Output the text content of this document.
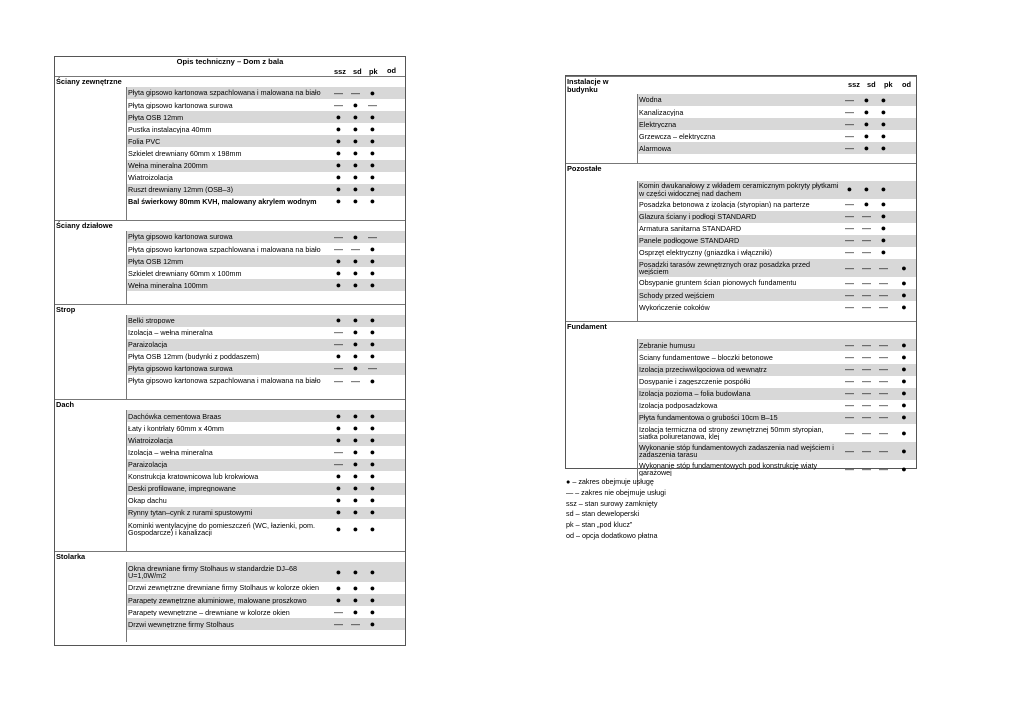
Opis techniczny – Dom z bala
ssz sd pk od
Ściany zewnętrzne
Płyta gipsowo kartonowa szpachlowana i malowana na biało	— —	●
Płyta gipsowo kartonowa surowa	—	●	—
Płyta OSB 12mm	●	●	●
Pustka instalacyjna 40mm	●	●	●
Folia PVC	●	●	●
Szkielet drewniany 60mm x 198mm	●	●	●
Wełna mineralna 200mm	●	●	●
Wiatroizolacja	●	●	●
Ruszt drewniany 12mm (OSB–3)	●	●	●
Bal świerkowy 80mm KVH, malowany akrylem wodnym	●	●	●
Ściany działowe
Płyta gipsowo kartonowa surowa	—	●	—
Płyta gipsowo kartonowa szpachlowana i malowana na biało	— —	●
Płyta OSB 12mm	●	●	●
Szkielet drewniany 60mm x 100mm	●	●	●
Wełna mineralna 100mm	●	●	●
Strop
Belki stropowe	●	●	●
Izolacja – wełna mineralna	—	●	●
Paraizolacja	—	●	●
Płyta OSB 12mm (budynki z poddaszem)	●	●	●
Płyta gipsowo kartonowa surowa	—	●	—
Płyta gipsowo kartonowa szpachlowana i malowana na biało	— —	●
Dach
Dachówka cementowa Braas	●	●	●
Łaty i kontrłaty 60mm x 40mm	●	●	●
Wiatroizolacja	●	●	●
Izolacja – wełna mineralna	—	●	●
Paraizolacja	—	●	●
Konstrukcja kratownicowa lub krokwiowa	●	●	●
Deski profilowane, impregnowane	●	●	●
Okap dachu	●	●	●
Rynny tytan–cynk z rurami spustowymi	●	●	●
Kominki wentylacyjne do pomieszczeń (WC, łazienki, pom. Gospodarcze) i kanalizacji	●	●	●
Stolarka
Okna drewniane firmy Stolhaus w standardzie DJ–68 U=1,0W/m2	●	●	●
Drzwi zewnętrzne drewniane firmy Stolhaus w kolorze okien	●	●	●
Parapety zewnętrzne aluminiowe, malowane proszkowo	●	●	●
Parapety wewnętrzne – drewniane w kolorze okien	—	●	●
Drzwi wewnętrzne firmy Stolhaus	— —	●
ssz sd pk od
Instalacje w budynku
Wodna	—	●	●
Kanalizacyjna	—	●	●
Elektryczna	—	●	●
Grzewcza – elektryczna	—	●	●
Alarmowa	—	●	●
Pozostałe
Komin dwukanałowy z wkładem ceramicznym pokryty płytkami w części widocznej nad dachem	●	●	●
Posadzka betonowa z izolacja (styropian) na parterze	—	●	●
Glazura ściany i podłogi STANDARD	— —	●
Armatura sanitarna STANDARD	— —	●
Panele podłogowe STANDARD	— —	●
Osprzęt elektryczny (gniazdka i włączniki)	— —	●
Posadzki tarasów zewnętrznych oraz posadzka przed wejściem	— — —	●
Obsypanie gruntem ścian pionowych fundamentu	— — —	●
Schody przed wejściem	— — —	●
Wykończenie cokołów	— — —	●
Fundament
Zebranie humusu	— — —	●
Ściany fundamentowe – bloczki betonowe	— — —	●
Izolacja przeciwwilgociowa od wewnątrz	— — —	●
Dosypanie i zagęszczenie pospółki	— — —	●
Izolacja pozioma – folia budowlana	— — —	●
Izolacja podposadzkowa	— — —	●
Płyta fundamentowa o grubości 10cm B–15	— — —	●
Izolacja termiczna od strony zewnętrznej 50mm styropian, siatka poliuretanowa, klej	— — —	●
Wykonanie stóp fundamentowych zadaszenia nad wejściem i zadaszenia tarasu	— — —	●
Wykonanie stóp fundamentowych pod konstrukcję wiaty garażowej	— — —	●
● – zakres obejmuje usługę
— – zakres nie obejmuje usługi
ssz – stan surowy zamknięty
sd – stan deweloperski
pk – stan „pod klucz”
od – opcja dodatkowo płatna
